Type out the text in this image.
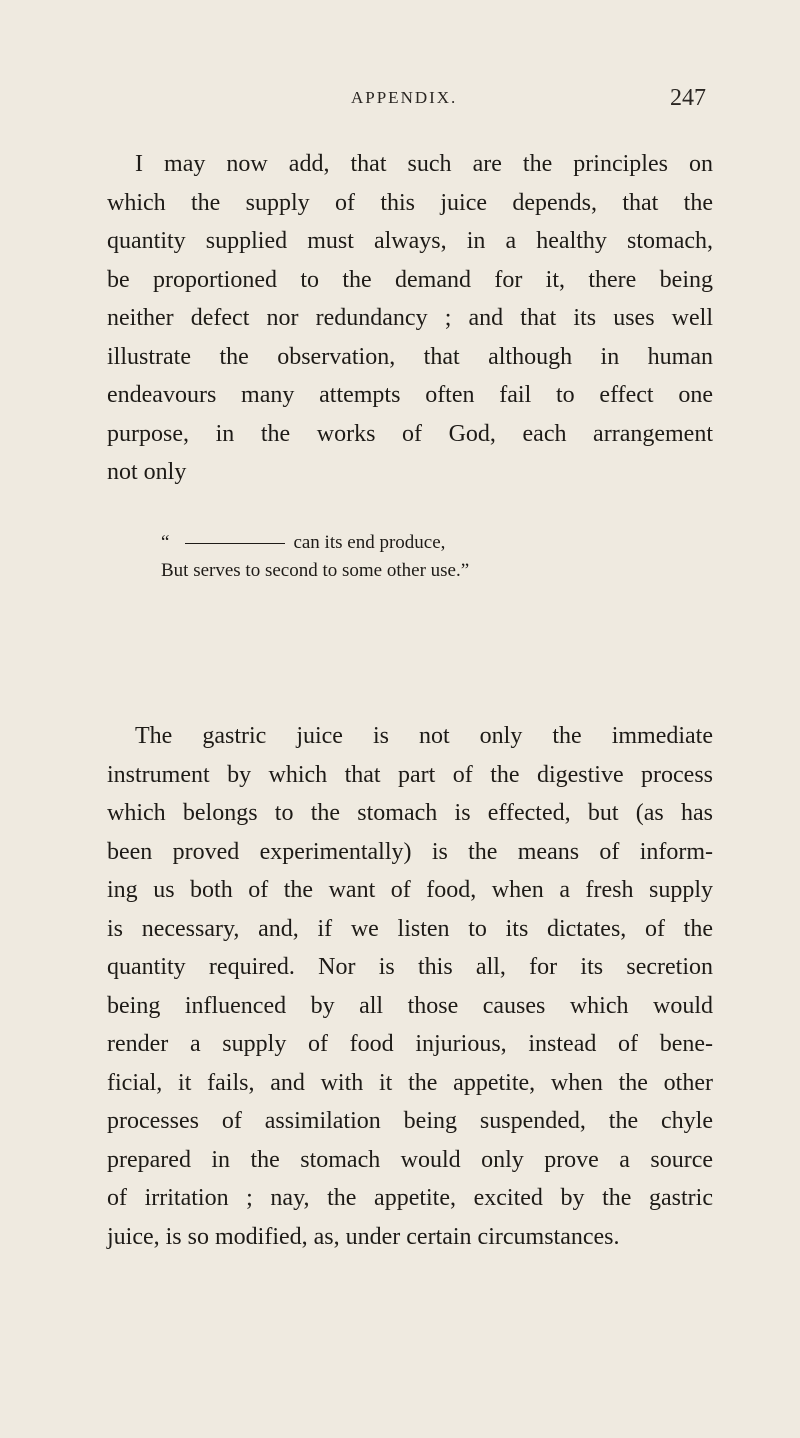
APPENDIX.	247
I may now add, that such are the principles on
which the supply of this juice depends, that the
quantity supplied must always, in a healthy stomach,
be proportioned to the demand for it, there being
neither defect nor redundancy ; and that its uses well
illustrate the observation, that although in human
endeavours many attempts often fail to effect one
purpose, in the works of God, each arrangement
not only
“	can its end produce,
But serves to second to some other use.”
The gastric juice is not only the immediate
instrument by which that part of the digestive process
which belongs to the stomach is effected, but (as has
been proved experimentally) is the means of inform-
ing us both of the want of food, when a fresh supply
is necessary, and, if we listen to its dictates, of the
quantity required. Nor is this all, for its secretion
being influenced by all those causes which would
render a supply of food injurious, instead of bene-
ficial, it fails, and with it the appetite, when the other
processes of assimilation being suspended, the chyle
prepared in the stomach would only prove a source
of irritation ; nay, the appetite, excited by the gastric
juice, is so modified, as, under certain circumstances.
